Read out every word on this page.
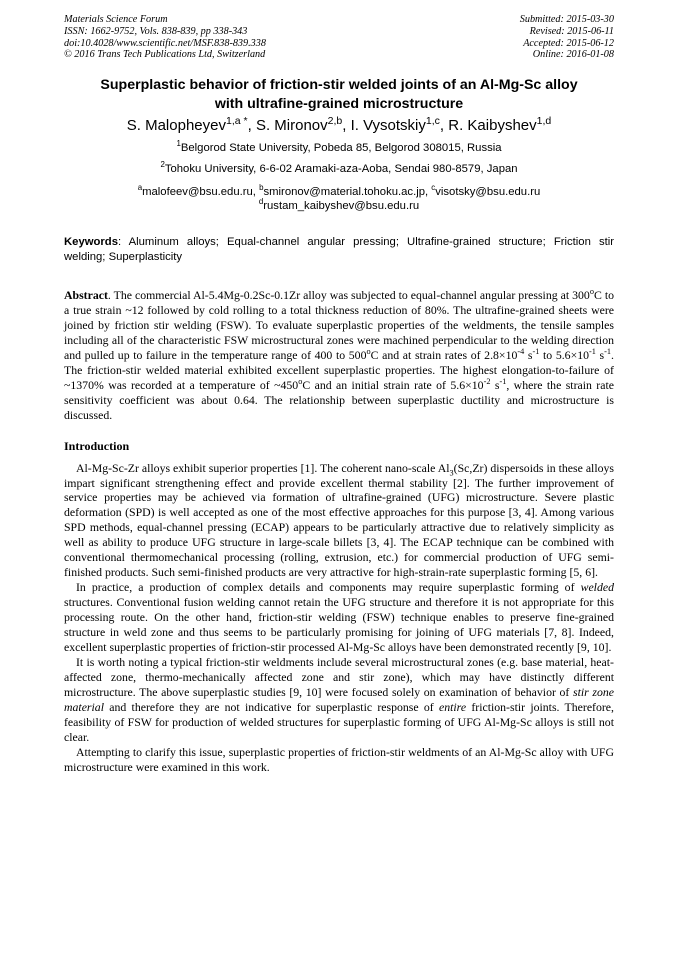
Materials Science Forum
ISSN: 1662-9752, Vols. 838-839, pp 338-343
doi:10.4028/www.scientific.net/MSF.838-839.338
© 2016 Trans Tech Publications Ltd, Switzerland
Submitted: 2015-03-30
Revised: 2015-06-11
Accepted: 2015-06-12
Online: 2016-01-08
Superplastic behavior of friction-stir welded joints of an Al-Mg-Sc alloy
with ultrafine-grained microstructure
S. Malopheyev$^{1,a *}$, S. Mironov$^{2,b}$, I. Vysotskiy$^{1,c}$, R. Kaibyshev$^{1,d}$
$^1$Belgorod State University, Pobeda 85, Belgorod 308015, Russia
$^2$Tohoku University, 6-6-02 Aramaki-aza-Aoba, Sendai 980-8579, Japan
$^a$malofeev@bsu.edu.ru, $^b$smironov@material.tohoku.ac.jp, $^c$visotsky@bsu.edu.ru
$^d$rustam_kaibyshev@bsu.edu.ru
Keywords: Aluminum alloys; Equal-channel angular pressing; Ultrafine-grained structure; Friction stir welding; Superplasticity
Abstract. The commercial Al-5.4Mg-0.2Sc-0.1Zr alloy was subjected to equal-channel angular pressing at 300$^o$C to a true strain ~12 followed by cold rolling to a total thickness reduction of 80%. The ultrafine-grained sheets were joined by friction stir welding (FSW). To evaluate superplastic properties of the weldments, the tensile samples including all of the characteristic FSW microstructural zones were machined perpendicular to the welding direction and pulled up to failure in the temperature range of 400 to 500$^o$C and at strain rates of $2.8\times 10^{-4}$ $s^{-1}$ to $5.6\times 10^{-1}$ $s^{-1}$. The friction-stir welded material exhibited excellent superplastic properties. The highest elongation-to-failure of ~1370% was recorded at a temperature of ~450$^o$C and an initial strain rate of $5.6\times 10^{-2}$ $s^{-1}$, where the strain rate sensitivity coefficient was about 0.64. The relationship between superplastic ductility and microstructure is discussed.
Introduction
Al-Mg-Sc-Zr alloys exhibit superior properties [1]. The coherent nano-scale $Al_3(Sc,Zr)$ dispersoids in these alloys impart significant strengthening effect and provide excellent thermal stability [2]. The further improvement of service properties may be achieved via formation of ultrafine-grained (UFG) microstructure. Severe plastic deformation (SPD) is well accepted as one of the most effective approaches for this purpose [3, 4]. Among various SPD methods, equal-channel pressing (ECAP) appears to be particularly attractive due to relatively simplicity as well as ability to produce UFG structure in large-scale billets [3, 4]. The ECAP technique can be combined with conventional thermomechanical processing (rolling, extrusion, etc.) for commercial production of UFG semi-finished products. Such semi-finished products are very attractive for high-strain-rate superplastic forming [5, 6].
In practice, a production of complex details and components may require superplastic forming of welded structures. Conventional fusion welding cannot retain the UFG structure and therefore it is not appropriate for this processing route. On the other hand, friction-stir welding (FSW) technique enables to preserve fine-grained structure in weld zone and thus seems to be particularly promising for joining of UFG materials [7, 8]. Indeed, excellent superplastic properties of friction-stir processed Al-Mg-Sc alloys have been demonstrated recently [9, 10].
It is worth noting a typical friction-stir weldments include several microstructural zones (e.g. base material, heat-affected zone, thermo-mechanically affected zone and stir zone), which may have distinctly different microstructure. The above superplastic studies [9, 10] were focused solely on examination of behavior of stir zone material and therefore they are not indicative for superplastic response of entire friction-stir joints. Therefore, feasibility of FSW for production of welded structures for superplastic forming of UFG Al-Mg-Sc alloys is still not clear.
Attempting to clarify this issue, superplastic properties of friction-stir weldments of an Al-Mg-Sc alloy with UFG microstructure were examined in this work.
